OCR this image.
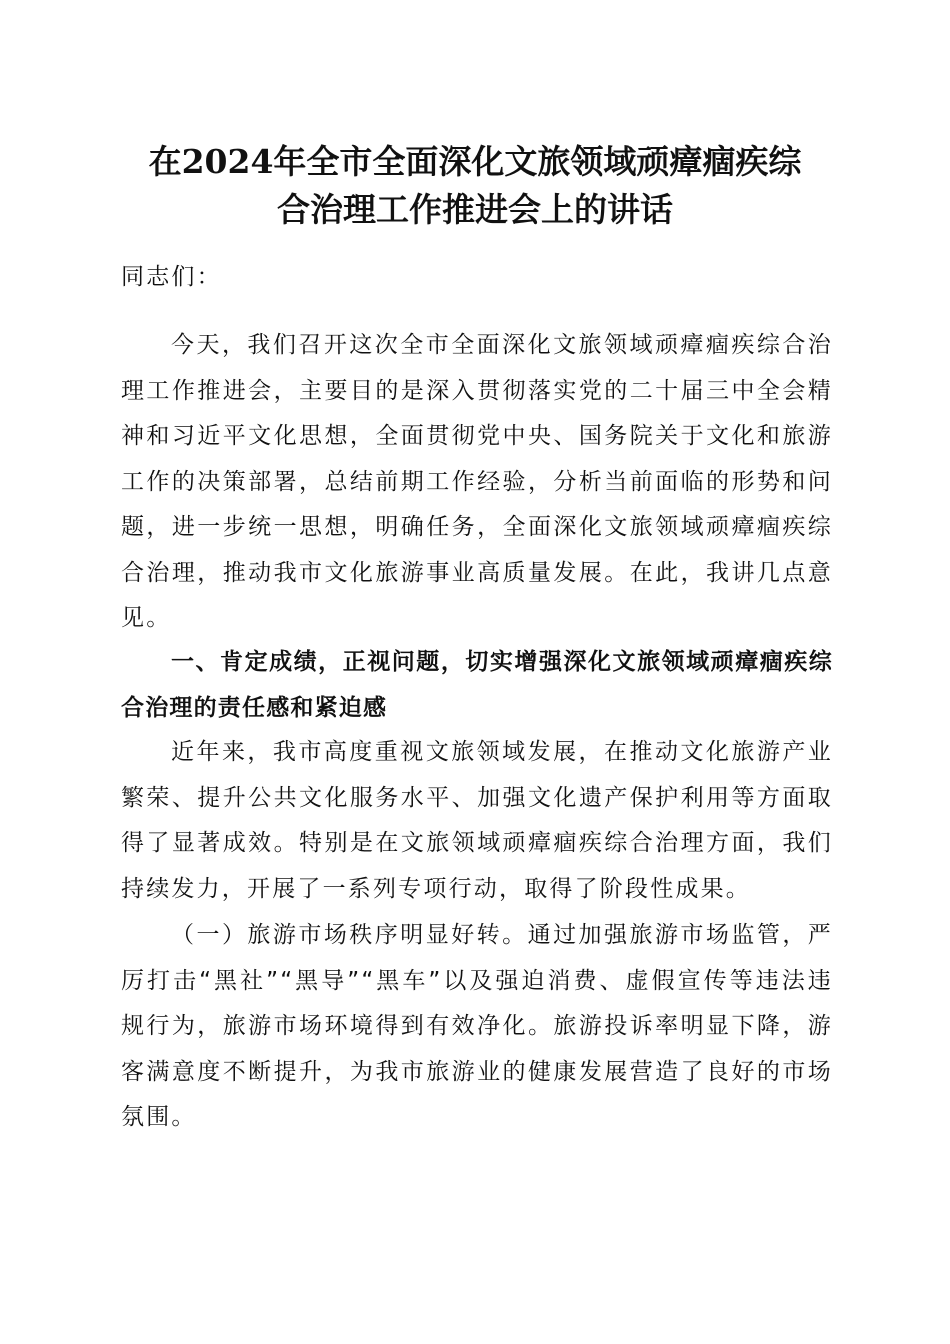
在2024年全市全面深化文旅领域顽瘴痼疾综
合治理工作推进会上的讲话

同志们：

今天，我们召开这次全市全面深化文旅领域顽瘴痼疾综合治理工作推进会，主要目的是深入贯彻落实党的二十届三中全会精神和习近平文化思想，全面贯彻党中央、国务院关于文化和旅游工作的决策部署，总结前期工作经验，分析当前面临的形势和问题，进一步统一思想，明确任务，全面深化文旅领域顽瘴痼疾综合治理，推动我市文化旅游事业高质量发展。在此，我讲几点意见。

一、肯定成绩，正视问题，切实增强深化文旅领域顽瘴痼疾综合治理的责任感和紧迫感

近年来，我市高度重视文旅领域发展，在推动文化旅游产业繁荣、提升公共文化服务水平、加强文化遗产保护利用等方面取得了显著成效。特别是在文旅领域顽瘴痼疾综合治理方面，我们持续发力，开展了一系列专项行动，取得了阶段性成果。

（一）旅游市场秩序明显好转。通过加强旅游市场监管，严厉打击“黑社”“黑导”“黑车”以及强迫消费、虚假宣传等违法违规行为，旅游市场环境得到有效净化。旅游投诉率明显下降，游客满意度不断提升，为我市旅游业的健康发展营造了良好的市场氛围。
